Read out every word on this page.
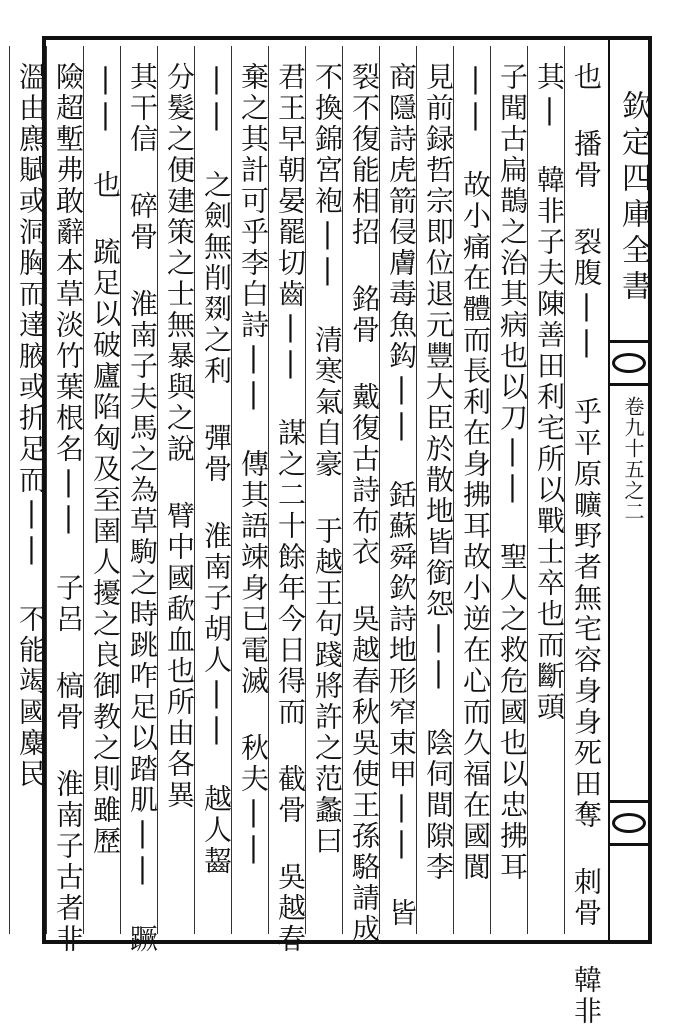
欽定四庫全書
卷九十五之二
也 播骨 裂腹|| 乎平原曠野者無宅容身身死田奪 刺骨 韓非
其| 韓非子夫陳善田利宅所以戰士卒也而斷頭
子聞古扁鵲之治其病也以刀|| 聖人之救危國也以忠拂耳
|| 故小痛在體而長利在身拂耳故小逆在心而久福在國閬
見前録哲宗即位退元豐大臣於散地皆銜怨|| 陰伺間隙李
商隱詩虎箭侵膚毒魚鈎|| 銛蘇舜欽詩地形窄束甲|| 皆
裂不復能相招 銘骨 戴復古詩布衣 吳越春秋吳使王孫駱請成
不換錦宮袍|| 清寒氣自豪 于越王句踐將許之范蠡曰
君王早朝晏罷切齒|| 謀之二十餘年今日得而 截骨 吳越春
棄之其計可乎李白詩|| 傳其語竦身已電滅 秋夫||
|| 之劍無削剟之利 彈骨 淮南子胡人|| 越人齧
分髮之便建策之士無暴與之說 臂中國歃血也所由各異
其干信 碎骨 淮南子夫馬之為草駒之時跳咋足以踏肌|| 蹶
|| 也 䟽足以破廬陷匈及至圉人擾之良御教之則雖歷
險超塹弗敢辭本草淡竹葉根名|| 子呂 槁骨 淮南子古者非
溫由麃賦或洞胸而達腋或折足而|| 不能竭國麋民
